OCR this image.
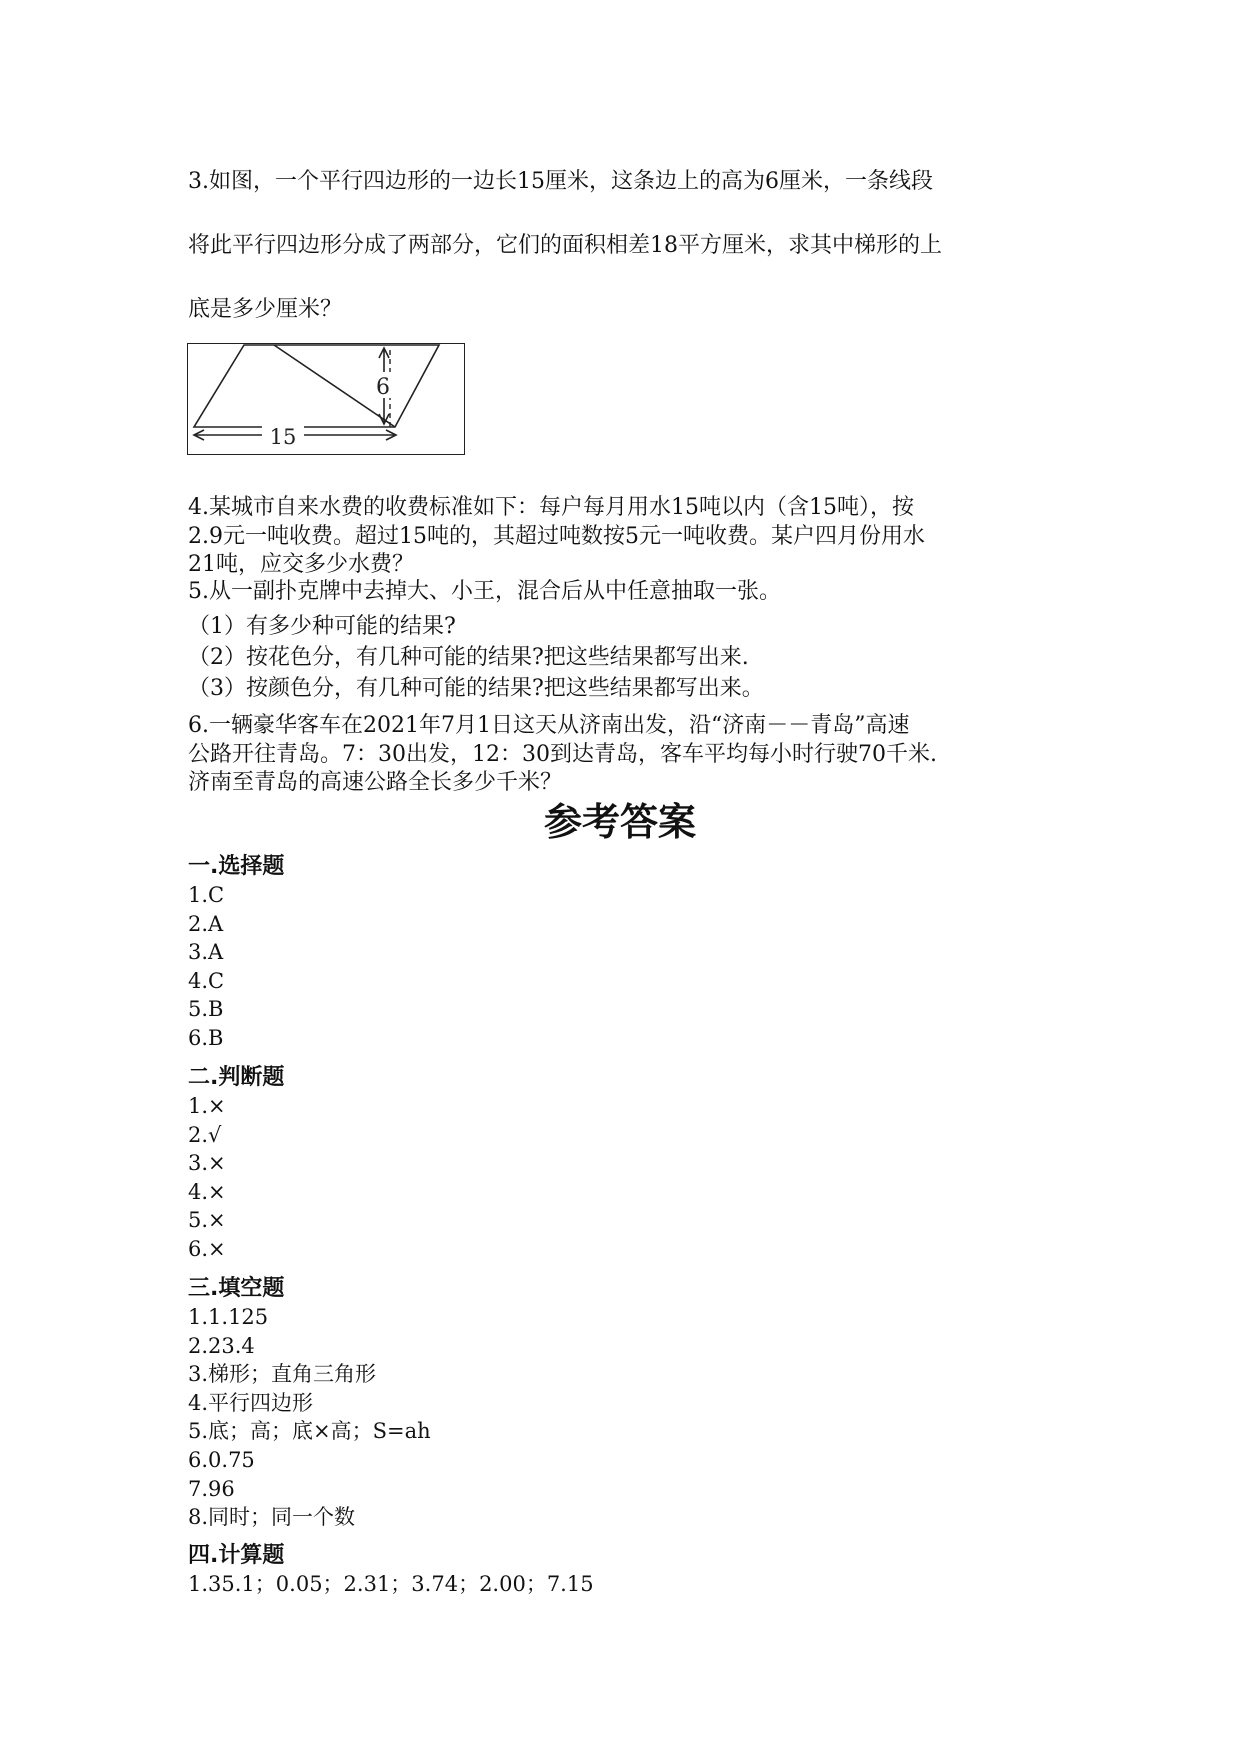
3.如图，一个平行四边形的一边长15厘米，这条边上的高为6厘米，一条线段
将此平行四边形分成了两部分，它们的面积相差18平方厘米，求其中梯形的上
底是多少厘米？
6
15
4.某城市自来水费的收费标准如下：每户每月用水15吨以内（含15吨），按
2.9元一吨收费。超过15吨的，其超过吨数按5元一吨收费。某户四月份用水
21吨，应交多少水费？
5.从一副扑克牌中去掉大、小王，混合后从中任意抽取一张。
（1）有多少种可能的结果?
（2）按花色分，有几种可能的结果?把这些结果都写出来.
（3）按颜色分，有几种可能的结果?把这些结果都写出来。
6.一辆豪华客车在2021年7月1日这天从济南出发，沿“济南－－青岛”高速
公路开往青岛。7：30出发，12：30到达青岛，客车平均每小时行驶70千米.
济南至青岛的高速公路全长多少千米？
参考答案
一.选择题
1.C
2.A
3.A
4.C
5.B
6.B
二.判断题
1.×
2.√
3.×
4.×
5.×
6.×
三.填空题
1.1.125
2.23.4
3.梯形；直角三角形
4.平行四边形
5.底；高；底×高；S=ah
6.0.75
7.96
8.同时；同一个数
四.计算题
1.35.1；0.05；2.31；3.74；2.00；7.15
